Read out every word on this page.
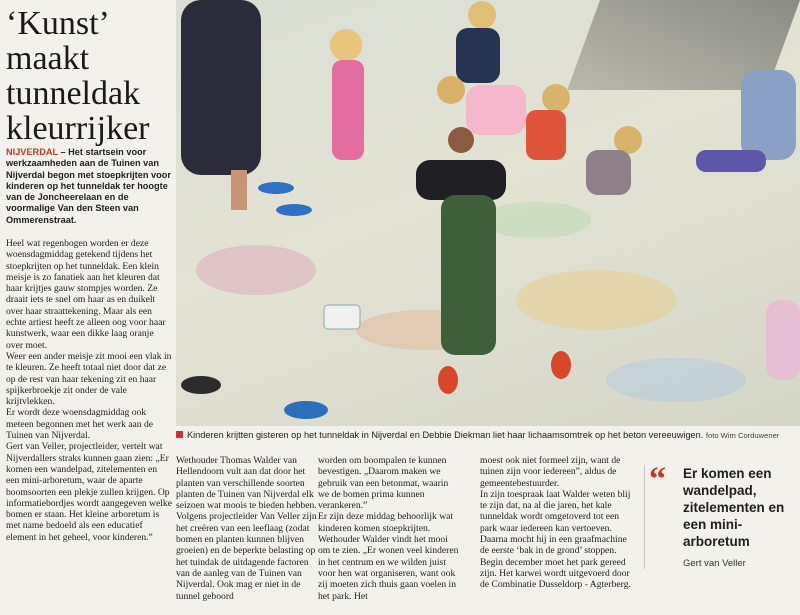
‘Kunst’
maakt
tunneldak
kleurrijker
NIJVERDAL – Het startsein voor werkzaamheden aan de Tuinen van Nijverdal begon met stoepkrijten voor kinderen op het tunneldak ter hoogte van de Joncheerelaan en de voormalige Van den Steen van Ommerenstraat.

Heel wat regenbogen worden er deze woensdagmiddag getekend tijdens het stoepkrijten op het tunneldak. Een klein meisje is zo fanatiek aan het kleuren dat haar krijtjes gauw stompjes worden. Ze draait iets te snel om haar as en duikelt over haar straattekening. Maar als een echte artiest heeft ze alleen oog voor haar kunstwerk, waar een dikke laag oranje over moet.

Weer een ander meisje zit mooi een vlak in te kleuren. Ze heeft totaal niet door dat ze op de rest van haar tekening zit en haar spijkerbroekje zit onder de vale krijtvlekken.

Er wordt deze woensdagmiddag ook meteen begonnen met het werk aan de Tuinen van Nijverdal.

Gert van Veller, projectleider, vertelt wat Nijverdallers straks kunnen gaan zien: „Er komen een wandelpad, zitelementen en een mini-arboretum, waar de aparte boomsoorten een plekje zullen krijgen. Op informatiebordjes wordt aangegeven welke bomen er staan. Het kleine arboretum is met name bedoeld als een educatief element in het geheel, voor kinderen.”

Kinderen krijtten gisteren op het tunneldak in Nijverdal en Debbie Diekman liet haar lichaamsomtrek op het beton vereeuwigen. foto Wim Corduwener

Wethouder Thomas Walder van Hellendoorn vult aan dat door het planten van verschillende soorten planten de Tuinen van Nijverdal elk seizoen wat moois te bieden hebben.

Volgens projectleider Van Veller zijn het creëren van een leeflaag (zodat bomen en planten kunnen blijven groeien) en de beperkte belasting op het tuindak de uitdagende factoren van de aanleg van de Tuinen van Nijverdal. Ook mag er niet in de tunnel geboord

worden om boompalen te kunnen bevestigen. „Daarom maken we gebruik van een betonmat, waarin we de bomen prima kunnen verankeren.”

Er zijn deze middag behoorlijk wat kinderen komen stoepkrijten. Wethouder Walder vindt het mooi om te zien. „Er wonen veel kinderen in het centrum en we wilden juist voor hen wat organiseren, want ook zij moeten zich thuis gaan voelen in het park. Het

moest ook niet formeel zijn, want de tuinen zijn voor iedereen”, aldus de gemeentebestuurder.

In zijn toespraak laat Walder weten blij te zijn dat, na al die jaren, het kale tunneldak wordt omgetoverd tot een park waar iedereen kan vertoeven. Daarna mocht hij in een graafmachine de eerste ‘bak in de grond’ stoppen.

Begin december moet het park gereed zijn. Het karwei wordt uitgevoerd door de Combinatie Dusseldorp - Agterberg.

“ Er komen een wandelpad, zitelementen en een mini-arboretum
Gert van Veller
